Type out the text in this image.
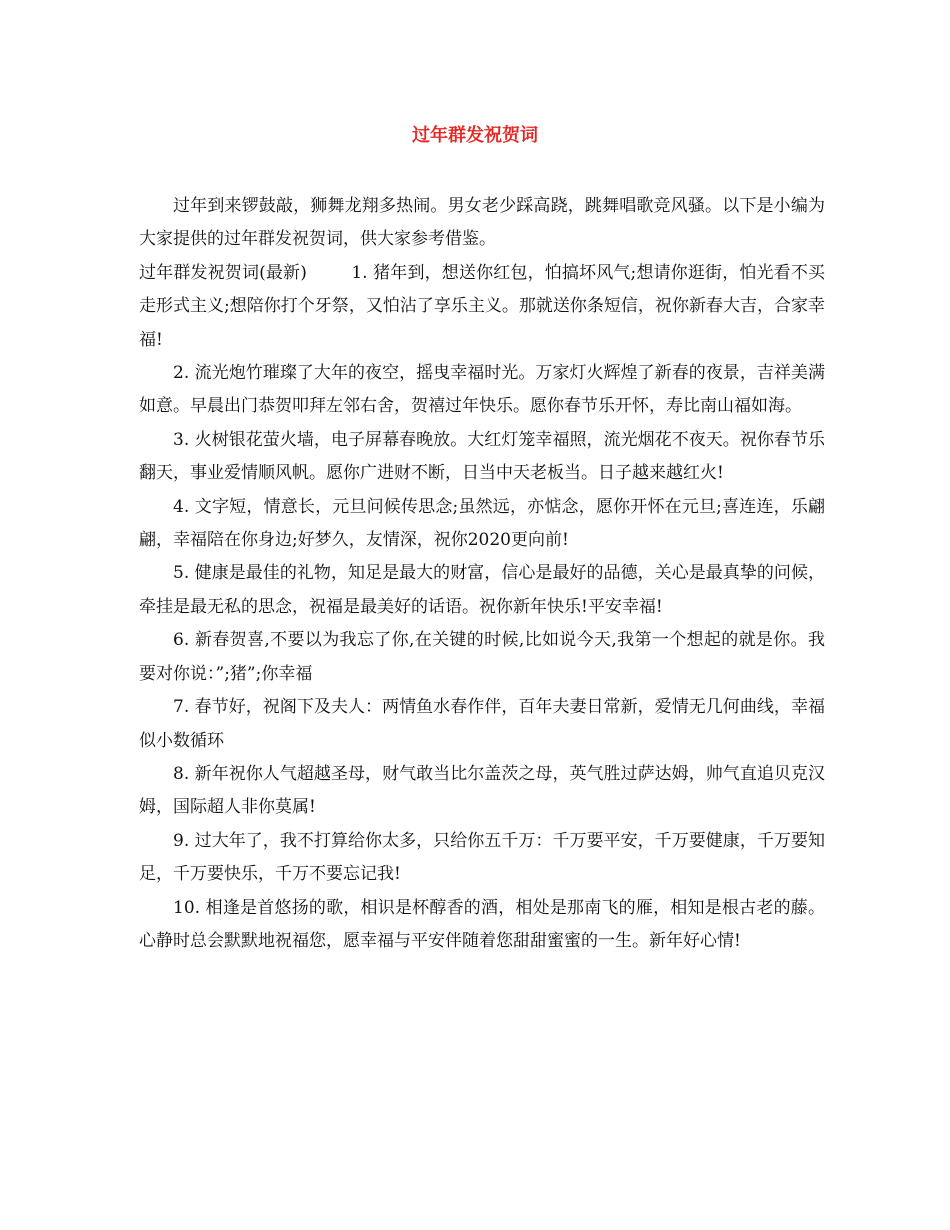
过年群发祝贺词

过年到来锣鼓敲，狮舞龙翔多热闹。男女老少踩高跷，跳舞唱歌竞风骚。以下是小编为大家提供的过年群发祝贺词，供大家参考借鉴。

过年群发祝贺词(最新)	1. 猪年到，想送你红包，怕搞坏风气;想请你逛街，怕光看不买走形式主义;想陪你打个牙祭，又怕沾了享乐主义。那就送你条短信，祝你新春大吉，合家幸福!

2. 流光炮竹璀璨了大年的夜空，摇曳幸福时光。万家灯火辉煌了新春的夜景，吉祥美满如意。早晨出门恭贺叩拜左邻右舍，贺禧过年快乐。愿你春节乐开怀，寿比南山福如海。

3. 火树银花萤火墙，电子屏幕春晚放。大红灯笼幸福照，流光烟花不夜天。祝你春节乐翻天，事业爱情顺风帆。愿你广进财不断，日当中天老板当。日子越来越红火!

4. 文字短，情意长，元旦问候传思念;虽然远，亦惦念，愿你开怀在元旦;喜连连，乐翩翩，幸福陪在你身边;好梦久，友情深，祝你2020更向前!

5. 健康是最佳的礼物，知足是最大的财富，信心是最好的品德，关心是最真挚的问候，牵挂是最无私的思念，祝福是最美好的话语。祝你新年快乐!平安幸福!

6. 新春贺喜,不要以为我忘了你,在关键的时候,比如说今天,我第一个想起的就是你。我要对你说：”;猪”;你幸福

7. 春节好，祝阁下及夫人：两情鱼水春作伴，百年夫妻日常新，爱情无几何曲线，幸福似小数循环

8. 新年祝你人气超越圣母，财气敢当比尔盖茨之母，英气胜过萨达姆，帅气直追贝克汉姆，国际超人非你莫属!

9. 过大年了，我不打算给你太多，只给你五千万：千万要平安，千万要健康，千万要知足，千万要快乐，千万不要忘记我!

10. 相逢是首悠扬的歌，相识是杯醇香的酒，相处是那南飞的雁，相知是根古老的藤。心静时总会默默地祝福您，愿幸福与平安伴随着您甜甜蜜蜜的一生。新年好心情!
